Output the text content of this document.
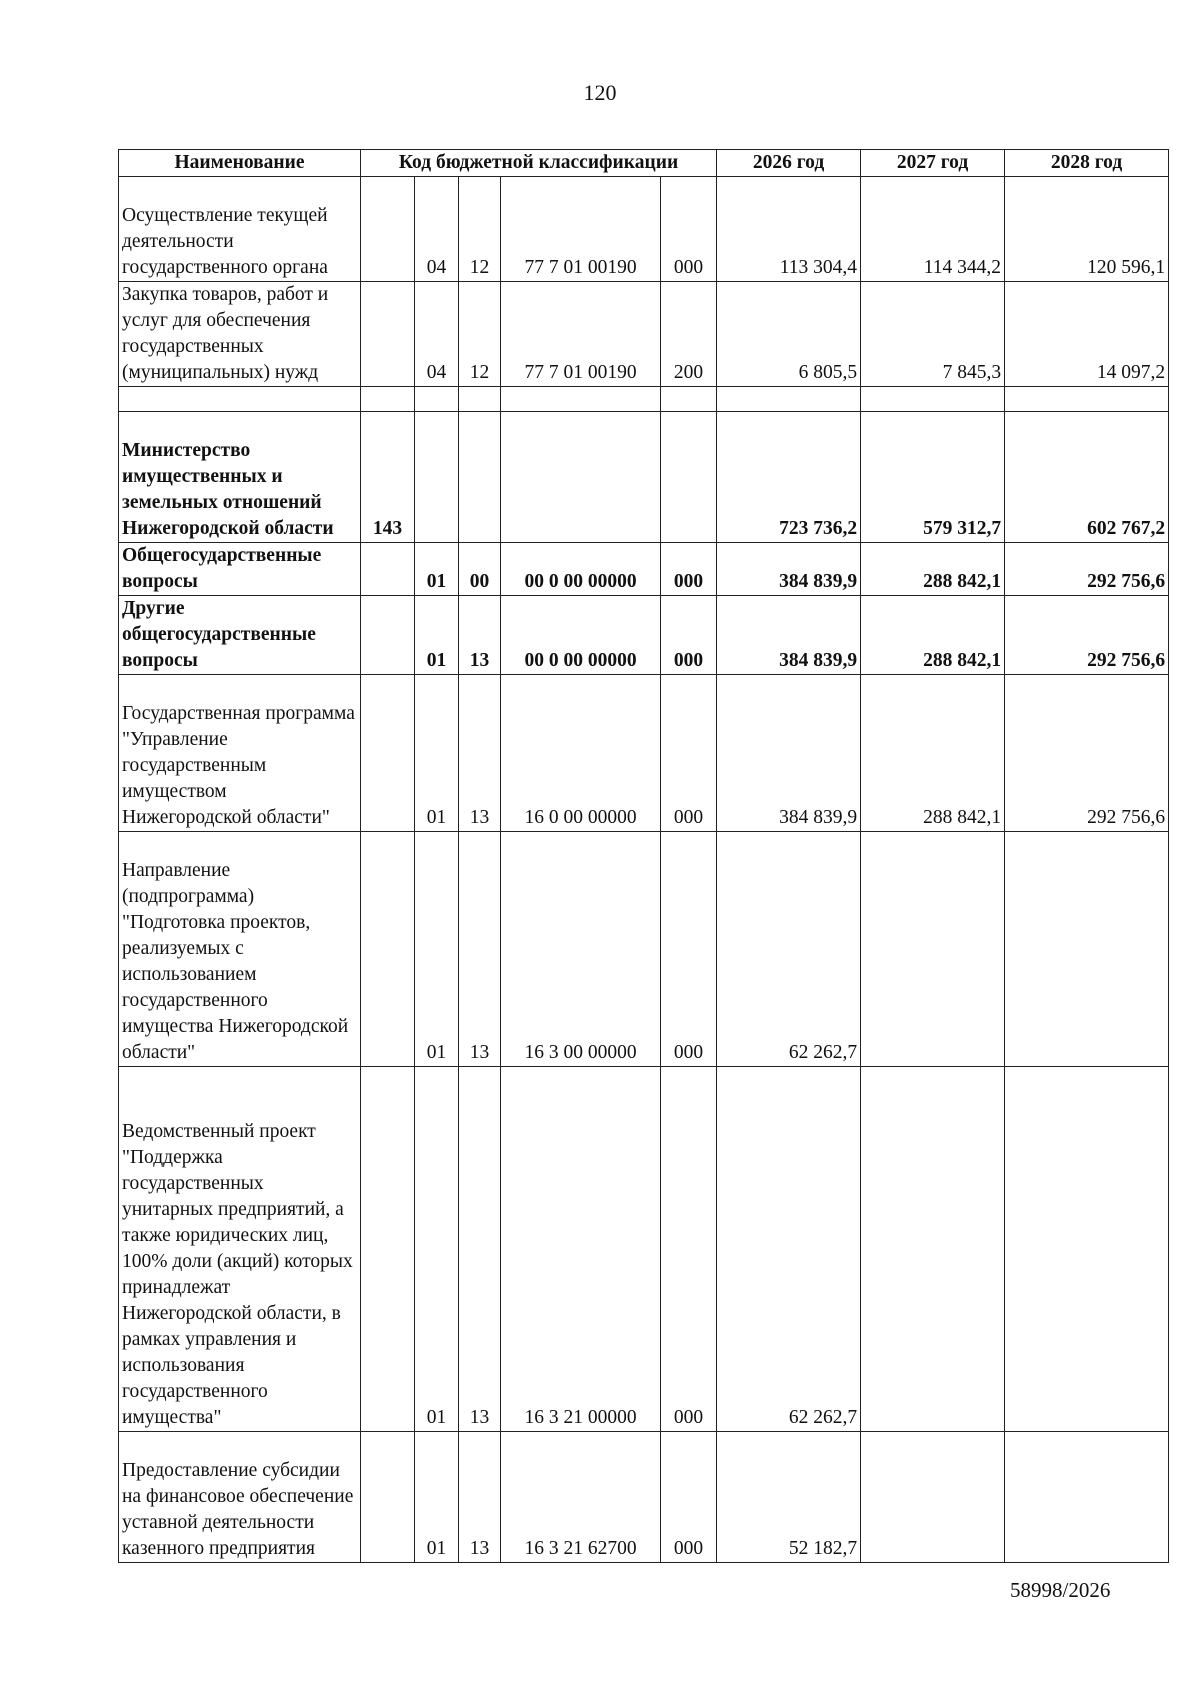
120
Наименование	Код бюджетной классификации					2026 год	2027 год	2028 год
Осуществление текущей деятельности государственного органа		04	12	77 7 01 00190	000	113 304,4	114 344,2	120 596,1
Закупка товаров, работ и услуг для обеспечения государственных (муниципальных) нужд		04	12	77 7 01 00190	200	6 805,5	7 845,3	14 097,2

Министерство имущественных и земельных отношений Нижегородской области	143					723 736,2	579 312,7	602 767,2
Общегосударственные вопросы		01	00	00 0 00 00000	000	384 839,9	288 842,1	292 756,6
Другие общегосударственные вопросы		01	13	00 0 00 00000	000	384 839,9	288 842,1	292 756,6
Государственная программа "Управление государственным имуществом Нижегородской области"		01	13	16 0 00 00000	000	384 839,9	288 842,1	292 756,6
Направление (подпрограмма) "Подготовка проектов, реализуемых с использованием государственного имущества Нижегородской области"		01	13	16 3 00 00000	000	62 262,7		
Ведомственный проект "Поддержка государственных унитарных предприятий, а также юридических лиц, 100% доли (акций) которых принадлежат Нижегородской области, в рамках управления и использования государственного имущества"		01	13	16 3 21 00000	000	62 262,7		
Предоставление субсидии на финансовое обеспечение уставной деятельности казенного предприятия		01	13	16 3 21 62700	000	52 182,7		
58998/2026
